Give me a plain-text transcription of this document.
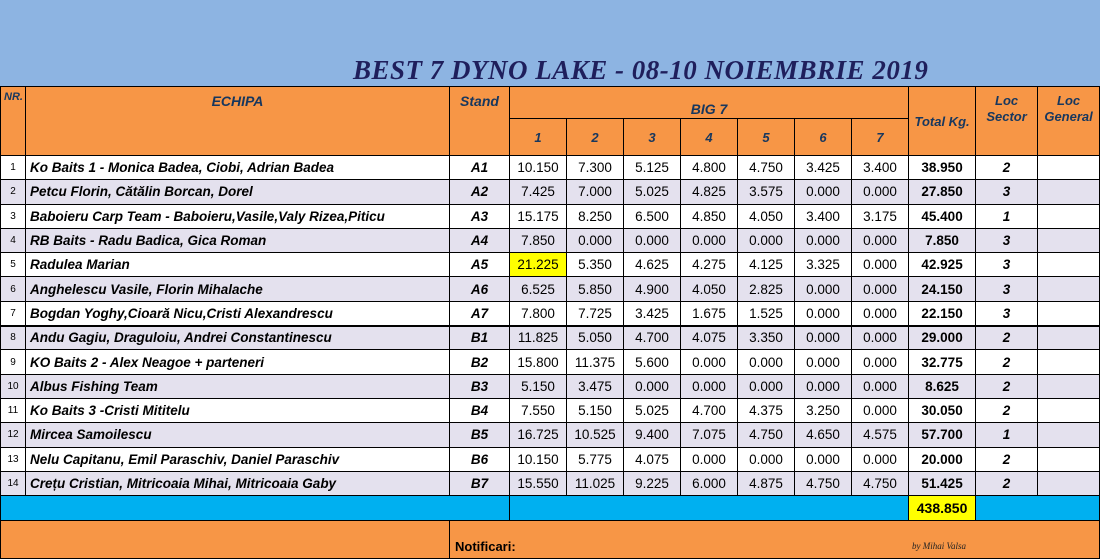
BEST 7 DYNO LAKE - 08-10 NOIEMBRIE 2019
NR.	ECHIPA	Stand	BIG 7							Total Kg.	Loc Sector	Loc General
			1	2	3	4	5	6	7			
1	Ko Baits 1 - Monica Badea, Ciobi, Adrian Badea	A1	10.150	7.300	5.125	4.800	4.750	3.425	3.400	38.950	2	
2	Petcu Florin, Cătălin Borcan, Dorel	A2	7.425	7.000	5.025	4.825	3.575	0.000	0.000	27.850	3	
3	Baboieru Carp Team - Baboieru,Vasile,Valy Rizea,Piticu	A3	15.175	8.250	6.500	4.850	4.050	3.400	3.175	45.400	1	
4	RB Baits - Radu Badica, Gica Roman	A4	7.850	0.000	0.000	0.000	0.000	0.000	0.000	7.850	3	
5	Radulea Marian	A5	21.225	5.350	4.625	4.275	4.125	3.325	0.000	42.925	3	
6	Anghelescu Vasile, Florin Mihalache	A6	6.525	5.850	4.900	4.050	2.825	0.000	0.000	24.150	3	
7	Bogdan Yoghy,Cioară Nicu,Cristi Alexandrescu	A7	7.800	7.725	3.425	1.675	1.525	0.000	0.000	22.150	3	
8	Andu Gagiu, Draguloiu, Andrei Constantinescu	B1	11.825	5.050	4.700	4.075	3.350	0.000	0.000	29.000	2	
9	KO Baits 2 - Alex Neagoe + parteneri	B2	15.800	11.375	5.600	0.000	0.000	0.000	0.000	32.775	2	
10	Albus Fishing Team	B3	5.150	3.475	0.000	0.000	0.000	0.000	0.000	8.625	2	
11	Ko Baits 3 -Cristi Mititelu	B4	7.550	5.150	5.025	4.700	4.375	3.250	0.000	30.050	2	
12	Mircea Samoilescu	B5	16.725	10.525	9.400	7.075	4.750	4.650	4.575	57.700	1	
13	Nelu Capitanu, Emil Paraschiv, Daniel Paraschiv	B6	10.150	5.775	4.075	0.000	0.000	0.000	0.000	20.000	2	
14	Crețu Cristian, Mitricoaia Mihai, Mitricoaia Gaby	B7	15.550	11.025	9.225	6.000	4.875	4.750	4.750	51.425	2	
										438.850		
		Notificari:											by Mihai Valsa
